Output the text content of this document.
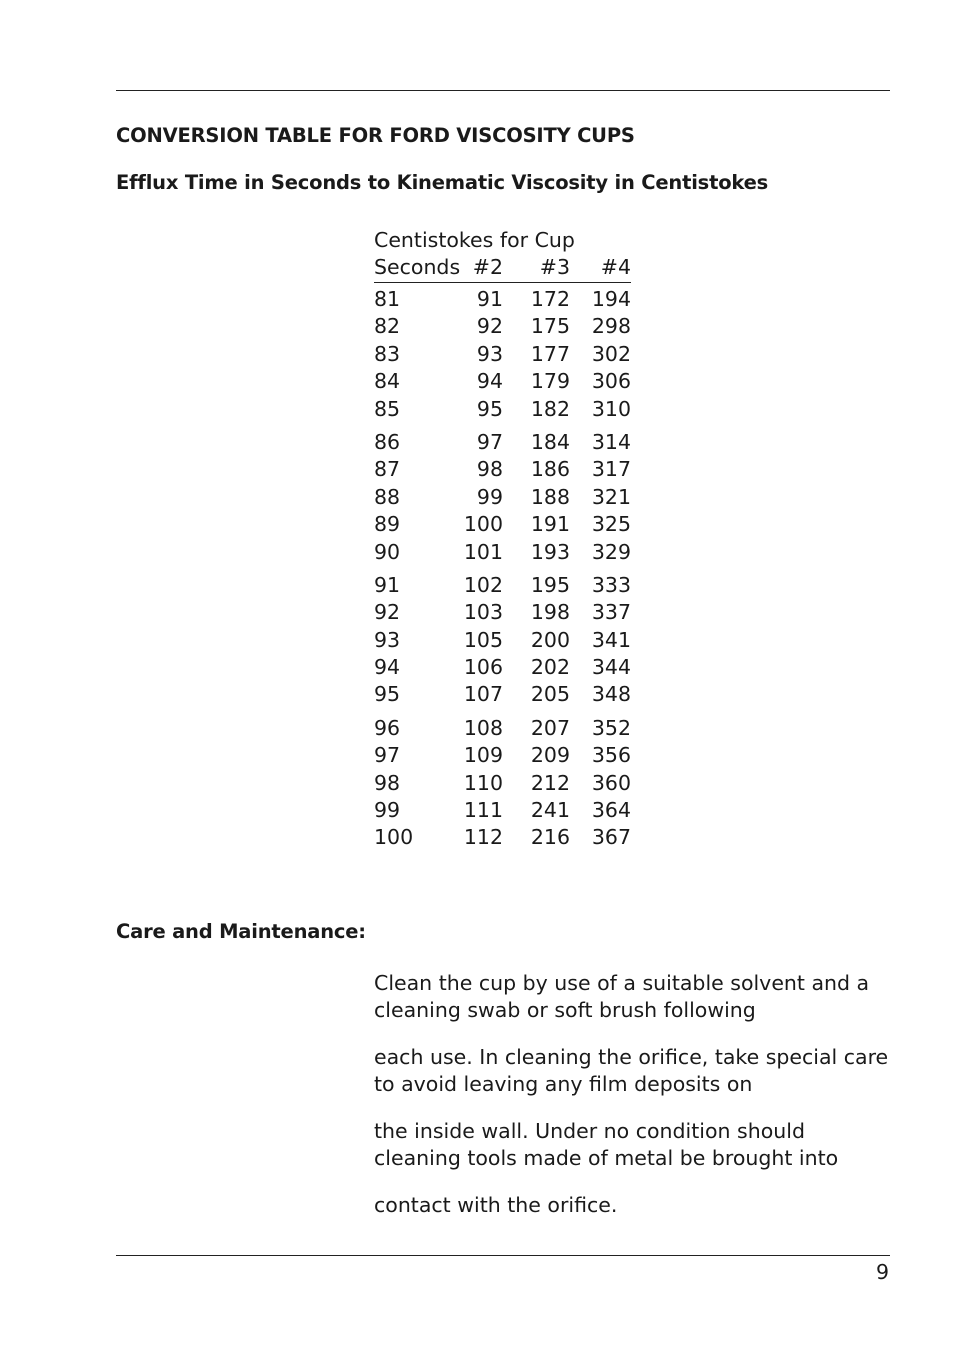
CONVERSION TABLE FOR FORD VISCOSITY CUPS
Efflux Time in Seconds to Kinematic Viscosity in Centistokes
Centistokes for Cup
Seconds #2	#3	#4
81	91	172	194
82	92	175	298
83	93	177	302
84	94	179	306
85	95	182	310
86	97	184	314
87	98	186	317
88	99	188	321
89	100	191	325
90	101	193	329
91	102	195	333
92	103	198	337
93	105	200	341
94	106	202	344
95	107	205	348
96	108	207	352
97	109	209	356
98	110	212	360
99	111	241	364
100	112	216	367
Care and Maintenance:
Clean the cup by use of a suitable solvent and a cleaning swab or soft brush following
each use. In cleaning the orifice, take special care to avoid leaving any film deposits on
the inside wall. Under no condition should cleaning tools made of metal be brought into
contact with the orifice.
9
